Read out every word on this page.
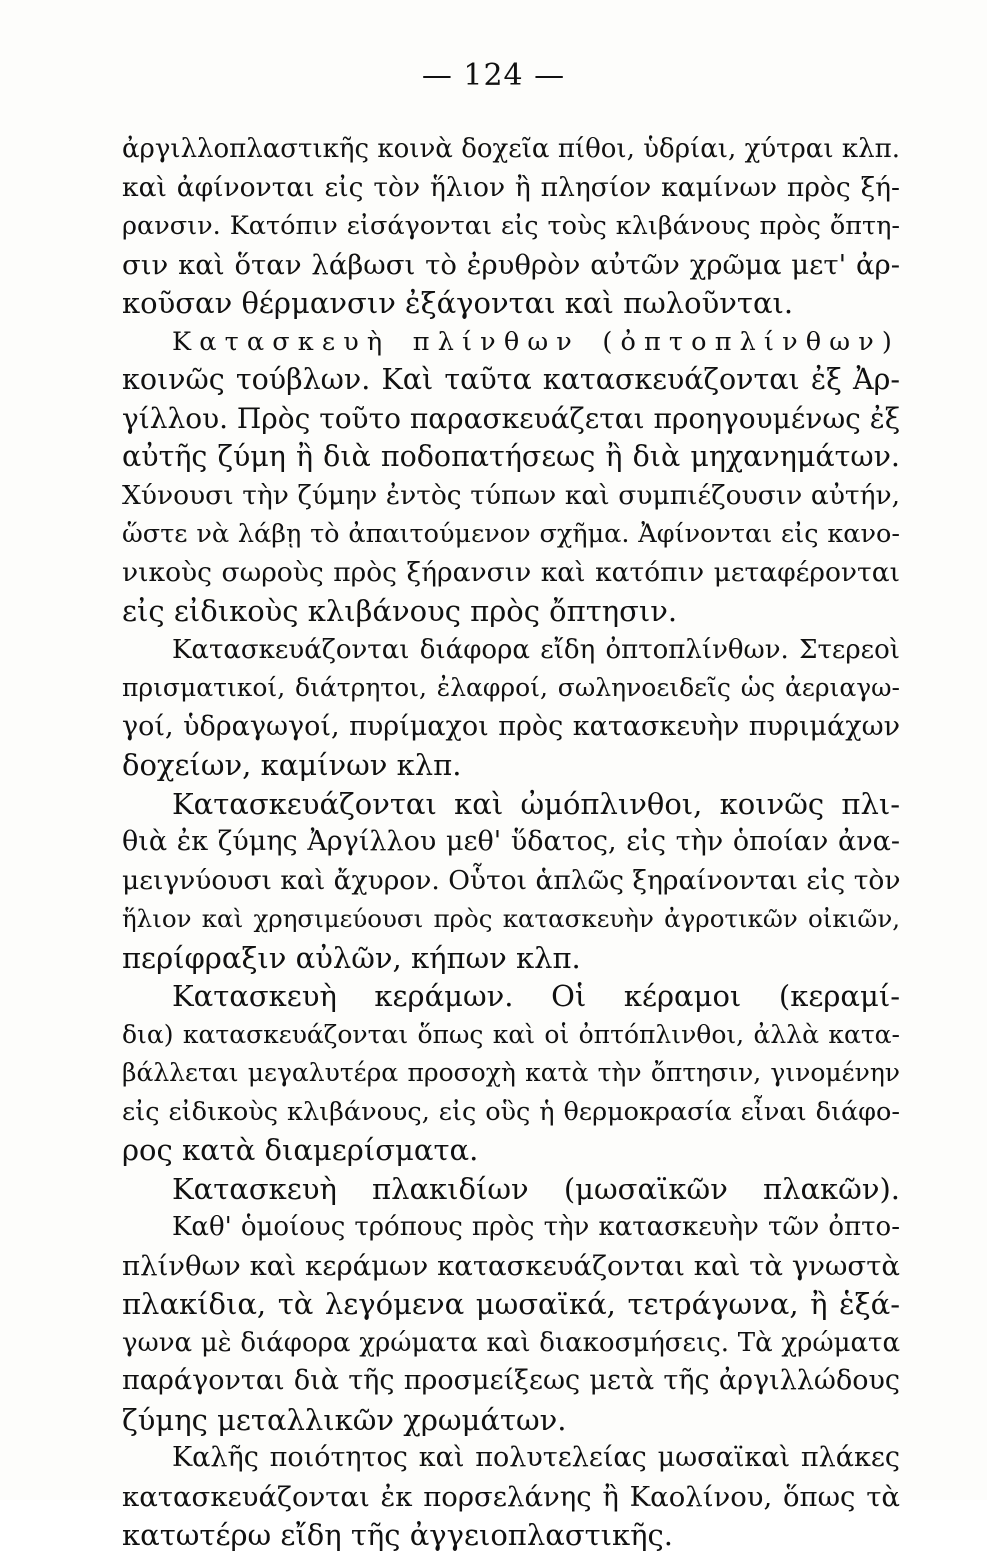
— 124 —
ἀργιλλοπλαστικῆς κοινὰ δοχεῖα πίθοι, ὑδρίαι, χύτραι κλπ.
καὶ ἀφίνονται εἰς τὸν ἥλιον ἢ πλησίον καμίνων πρὸς ξή-
ρανσιν. Κατόπιν εἰσάγονται εἰς τοὺς κλιβάνους πρὸς ὄπτη-
σιν καὶ ὅταν λάβωσι τὸ ἐρυθρὸν αὐτῶν χρῶμα μετ' ἀρ-
κοῦσαν θέρμανσιν ἐξάγονται καὶ πωλοῦνται.
Κατασκευὴ πλίνθων (ὀπτοπλίνθων)
κοινῶς τούβλων. Καὶ ταῦτα κατασκευάζονται ἐξ Ἀρ-
γίλλου. Πρὸς τοῦτο παρασκευάζεται προηγουμένως ἐξ
αὐτῆς ζύμη ἢ διὰ ποδοπατήσεως ἢ διὰ μηχανημάτων.
Χύνουσι τὴν ζύμην ἐντὸς τύπων καὶ συμπιέζουσιν αὐτήν,
ὥστε νὰ λάβῃ τὸ ἀπαιτούμενον σχῆμα. Ἀφίνονται εἰς κανο-
νικοὺς σωροὺς πρὸς ξήρανσιν καὶ κατόπιν μεταφέρονται
εἰς εἰδικοὺς κλιβάνους πρὸς ὄπτησιν.
Κατασκευάζονται διάφορα εἴδη ὀπτοπλίνθων. Στερεοὶ
πρισματικοί, διάτρητοι, ἐλαφροί, σωληνοειδεῖς ὡς ἀεριαγω-
γοί, ὑδραγωγοί, πυρίμαχοι πρὸς κατασκευὴν πυριμάχων
δοχείων, καμίνων κλπ.
Κατασκευάζονται καὶ ὠμόπλινθοι, κοινῶς πλι-
θιὰ ἐκ ζύμης Ἀργίλλου μεθ' ὕδατος, εἰς τὴν ὁποίαν ἀνα-
μειγνύουσι καὶ ἄχυρον. Οὗτοι ἁπλῶς ξηραίνονται εἰς τὸν
ἥλιον καὶ χρησιμεύουσι πρὸς κατασκευὴν ἀγροτικῶν οἰκιῶν,
περίφραξιν αὐλῶν, κήπων κλπ.
Κατασκευὴ κεράμων. Οἱ κέραμοι (κεραμί-
δια) κατασκευάζονται ὅπως καὶ οἱ ὀπτόπλινθοι, ἀλλὰ κατα-
βάλλεται μεγαλυτέρα προσοχὴ κατὰ τὴν ὄπτησιν, γινομένην
εἰς εἰδικοὺς κλιβάνους, εἰς οὓς ἡ θερμοκρασία εἶναι διάφο-
ρος κατὰ διαμερίσματα.
Κατασκευὴ πλακιδίων (μωσαϊκῶν πλακῶν).
Καθ' ὁμοίους τρόπους πρὸς τὴν κατασκευὴν τῶν ὀπτο-
πλίνθων καὶ κεράμων κατασκευάζονται καὶ τὰ γνωστὰ
πλακίδια, τὰ λεγόμενα μωσαϊκά, τετράγωνα, ἢ ἑξά-
γωνα μὲ διάφορα χρώματα καὶ διακοσμήσεις. Τὰ χρώματα
παράγονται διὰ τῆς προσμείξεως μετὰ τῆς ἀργιλλώδους
ζύμης μεταλλικῶν χρωμάτων.
Καλῆς ποιότητος καὶ πολυτελείας μωσαϊκαὶ πλάκες
κατασκευάζονται ἐκ πορσελάνης ἢ Καολίνου, ὅπως τὰ
κατωτέρω εἴδη τῆς ἀγγειοπλαστικῆς.
